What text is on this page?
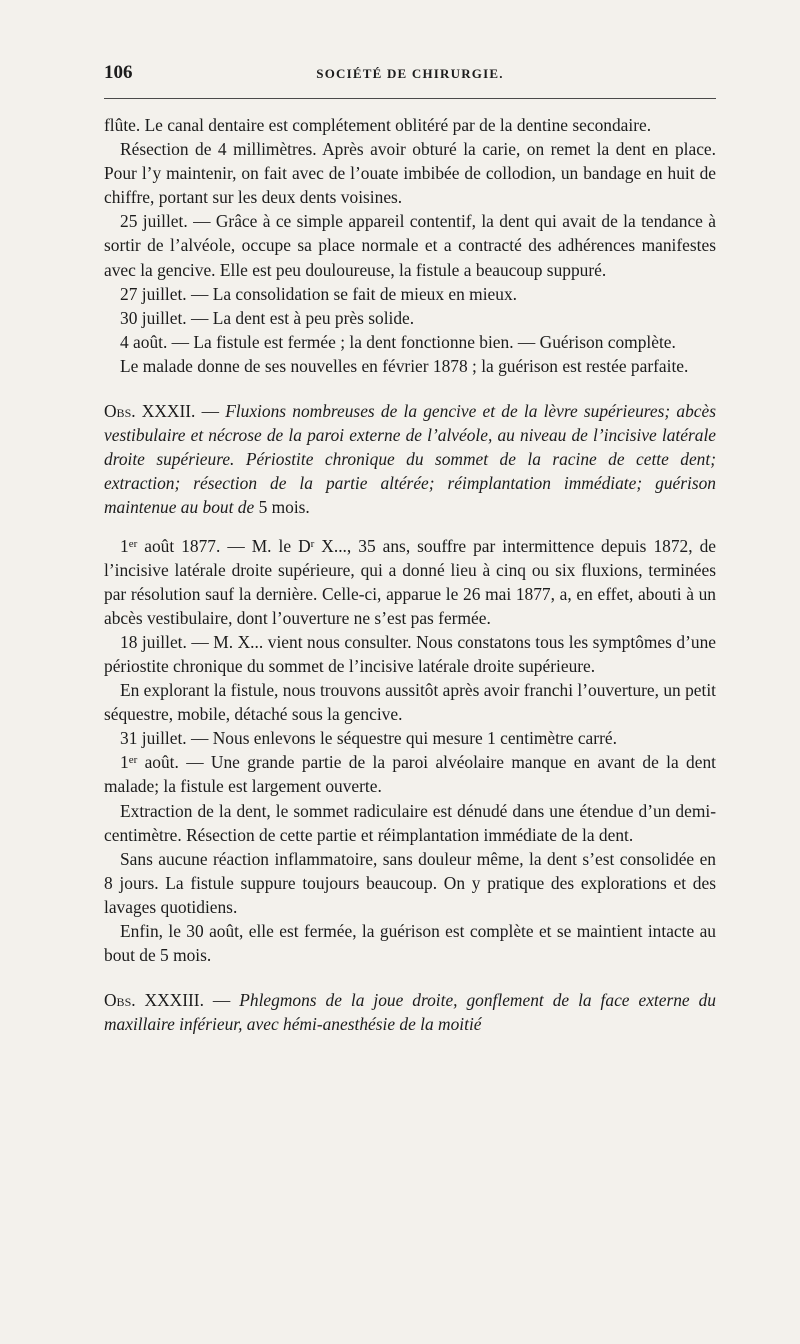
106	SOCIÉTÉ DE CHIRURGIE.

flûte. Le canal dentaire est complétement oblitéré par de la dentine secondaire.

Résection de 4 millimètres. Après avoir obturé la carie, on remet la dent en place. Pour l’y maintenir, on fait avec de l’ouate imbibée de collodion, un bandage en huit de chiffre, portant sur les deux dents voisines.

25 juillet. — Grâce à ce simple appareil contentif, la dent qui avait de la tendance à sortir de l’alvéole, occupe sa place normale et a contracté des adhérences manifestes avec la gencive. Elle est peu douloureuse, la fistule a beaucoup suppuré.

27 juillet. — La consolidation se fait de mieux en mieux.

30 juillet. — La dent est à peu près solide.

4 août. — La fistule est fermée ; la dent fonctionne bien. — Guérison complète.

Le malade donne de ses nouvelles en février 1878 ; la guérison est restée parfaite.

Obs. XXXII. — Fluxions nombreuses de la gencive et de la lèvre supérieures; abcès vestibulaire et nécrose de la paroi externe de l’alvéole, au niveau de l’incisive latérale droite supérieure. Périostite chronique du sommet de la racine de cette dent; extraction; résection de la partie altérée; réimplantation immédiate; guérison maintenue au bout de 5 mois.

1er août 1877. — M. le $D^r$ X..., 35 ans, souffre par intermittence depuis 1872, de l’incisive latérale droite supérieure, qui a donné lieu à cinq ou six fluxions, terminées par résolution sauf la dernière. Celle-ci, apparue le 26 mai 1877, a, en effet, abouti à un abcès vestibulaire, dont l’ouverture ne s’est pas fermée.

18 juillet. — M. X... vient nous consulter. Nous constatons tous les symptômes d’une périostite chronique du sommet de l’incisive latérale droite supérieure.

En explorant la fistule, nous trouvons aussitôt après avoir franchi l’ouverture, un petit séquestre, mobile, détaché sous la gencive.

31 juillet. — Nous enlevons le séquestre qui mesure 1 centimètre carré.

1er août. — Une grande partie de la paroi alvéolaire manque en avant de la dent malade; la fistule est largement ouverte.

Extraction de la dent, le sommet radiculaire est dénudé dans une étendue d’un demi-centimètre. Résection de cette partie et réimplantation immédiate de la dent.

Sans aucune réaction inflammatoire, sans douleur même, la dent s’est consolidée en 8 jours. La fistule suppure toujours beaucoup. On y pratique des explorations et des lavages quotidiens.

Enfin, le 30 août, elle est fermée, la guérison est complète et se maintient intacte au bout de 5 mois.

Obs. XXXIII. — Phlegmons de la joue droite, gonflement de la face externe du maxillaire inférieur, avec hémi-anesthésie de la moitié
